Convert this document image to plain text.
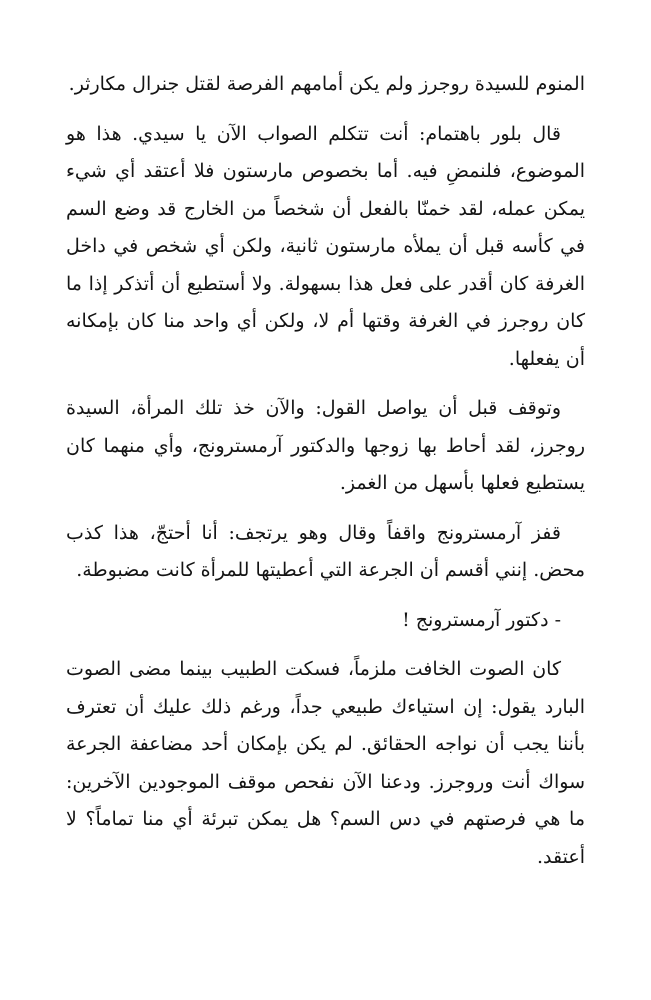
المنوم للسيدة روجرز ولم يكن أمامهم الفرصة لقتل جنرال مكارثر.

قال بلور باهتمام: أنت تتكلم الصواب الآن يا سيدي. هذا هو الموضوع، فلنمضِ فيه. أما بخصوص مارستون فلا أعتقد أي شيء يمكن عمله، لقد خمنّا بالفعل أن شخصاً من الخارج قد وضع السم في كأسه قبل أن يملأه مارستون ثانية، ولكن أي شخص في داخل الغرفة كان أقدر على فعل هذا بسهولة. ولا أستطيع أن أتذكر إذا ما كان روجرز في الغرفة وقتها أم لا، ولكن أي واحد منا كان بإمكانه أن يفعلها.

وتوقف قبل أن يواصل القول: والآن خذ تلك المرأة، السيدة روجرز، لقد أحاط بها زوجها والدكتور آرمسترونج، وأي منهما كان يستطيع فعلها بأسهل من الغمز.

قفز آرمسترونج واقفاً وقال وهو يرتجف: أنا أحتجّ، هذا كذب محض. إنني أقسم أن الجرعة التي أعطيتها للمرأة كانت مضبوطة.

- دكتور آرمسترونج !

كان الصوت الخافت ملزماً، فسكت الطبيب بينما مضى الصوت البارد يقول: إن استياءك طبيعي جداً، ورغم ذلك عليك أن تعترف بأننا يجب أن نواجه الحقائق. لم يكن بإمكان أحد مضاعفة الجرعة سواك أنت وروجرز. ودعنا الآن نفحص موقف الموجودين الآخرين: ما هي فرصتهم في دس السم؟ هل يمكن تبرئة أي منا تماماً؟ لا أعتقد.
